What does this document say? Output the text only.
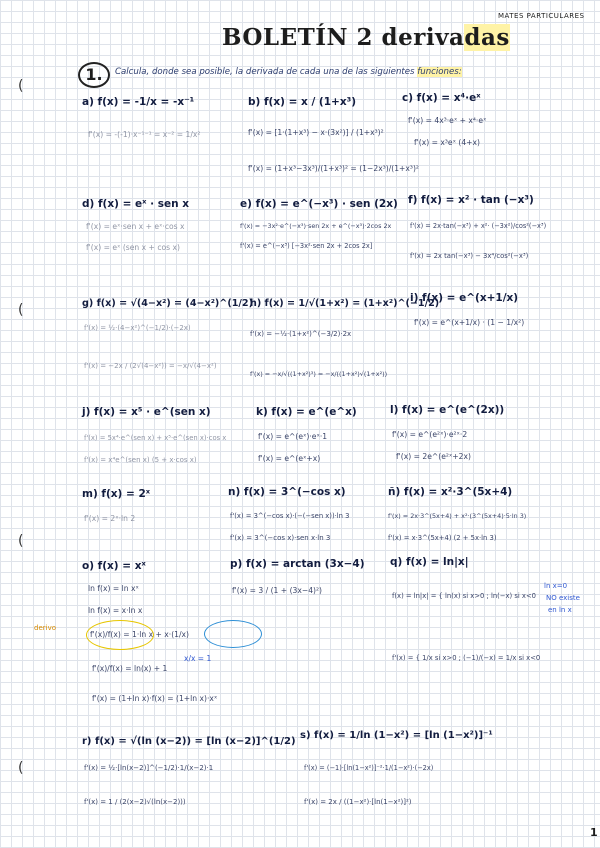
MATES PARTICULARES
BOLETÍN 2 derivadas
1.	Calcula, donde sea posible, la derivada de cada una de las siguientes funciones:
(
(
(
(
a) f(x) = -1/x = -x⁻¹
f'(x) = -(-1)·x⁻¹⁻¹ = x⁻² = 1/x²
b) f(x) = x / (1+x³)
f'(x) = [1·(1+x³) − x·(3x²)] / (1+x³)²
f'(x) = (1+x³−3x³)/(1+x³)² = (1−2x³)/(1+x³)²
c) f(x) = x⁴·eˣ
f'(x) = 4x³·eˣ + x⁴·eˣ
f'(x) = x³eˣ (4+x)
d) f(x) = eˣ · sen x
f'(x) = eˣ·sen x + eˣ·cos x
f'(x) = eˣ (sen x + cos x)
e) f(x) = e^(−x³) · sen (2x)
f'(x) = −3x²·e^(−x³)·sen 2x + e^(−x³)·2cos 2x
f'(x) = e^(−x³) [−3x²·sen 2x + 2cos 2x]
f) f(x) = x² · tan (−x³)
f'(x) = 2x·tan(−x³) + x²· (−3x²)/cos²(−x³)
f'(x) = 2x tan(−x³) − 3x⁴/cos²(−x³)
g) f(x) = √(4−x²) = (4−x²)^(1/2)
f'(x) = ½·(4−x²)^(−1/2)·(−2x)
f'(x) = −2x / (2√(4−x²)) = −x/√(4−x²)
h) f(x) = 1/√(1+x²) = (1+x²)^(−1/2)
f'(x) = −½·(1+x²)^(−3/2)·2x
f'(x) = −x/√((1+x²)³) = −x/((1+x²)√(1+x²))
i) f(x) = e^(x+1/x)
f'(x) = e^(x+1/x) · (1 − 1/x²)
j) f(x) = x⁵ · e^(sen x)
f'(x) = 5x⁴·e^(sen x) + x⁵·e^(sen x)·cos x
f'(x) = x⁴e^(sen x) (5 + x·cos x)
k) f(x) = e^(e^x)
f'(x) = e^(eˣ)·eˣ·1
f'(x) = e^(eˣ+x)
l) f(x) = e^(e^(2x))
f'(x) = e^(e²ˣ)·e²ˣ·2
f'(x) = 2e^(e²ˣ+2x)
m) f(x) = 2ˣ
f'(x) = 2ˣ·ln 2
n) f(x) = 3^(−cos x)
f'(x) = 3^(−cos x)·(−(−sen x))·ln 3
f'(x) = 3^(−cos x)·sen x·ln 3
ñ) f(x) = x²·3^(5x+4)
f'(x) = 2x·3^(5x+4) + x²·(3^(5x+4)·5·ln 3)
f'(x) = x·3^(5x+4) (2 + 5x·ln 3)
o) f(x) = xˣ
ln f(x) = ln xˣ
ln f(x) = x·ln x
derivo
f'(x)/f(x) = 1·ln x + x·(1/x)
f'(x)/f(x) = ln(x) + 1
x/x = 1
f'(x) = (1+ln x)·f(x) = (1+ln x)·xˣ
p) f(x) = arctan (3x−4)
f'(x) = 3 / (1 + (3x−4)²)
q) f(x) = ln|x|
f(x) = ln|x| = { ln(x) si x>0 ; ln(−x) si x<0
ln x=0
NO existe
en ln x
f'(x) = { 1/x si x>0 ; (−1)/(−x) = 1/x si x<0
r) f(x) = √(ln (x−2)) = [ln (x−2)]^(1/2)
f'(x) = ½·[ln(x−2)]^(−1/2)·1/(x−2)·1
f'(x) = 1 / (2(x−2)√(ln(x−2)))
s) f(x) = 1/ln (1−x²) = [ln (1−x²)]⁻¹
f'(x) = (−1)·[ln(1−x²)]⁻²·1/(1−x²)·(−2x)
f'(x) = 2x / ((1−x²)·[ln(1−x²)]²)
1
